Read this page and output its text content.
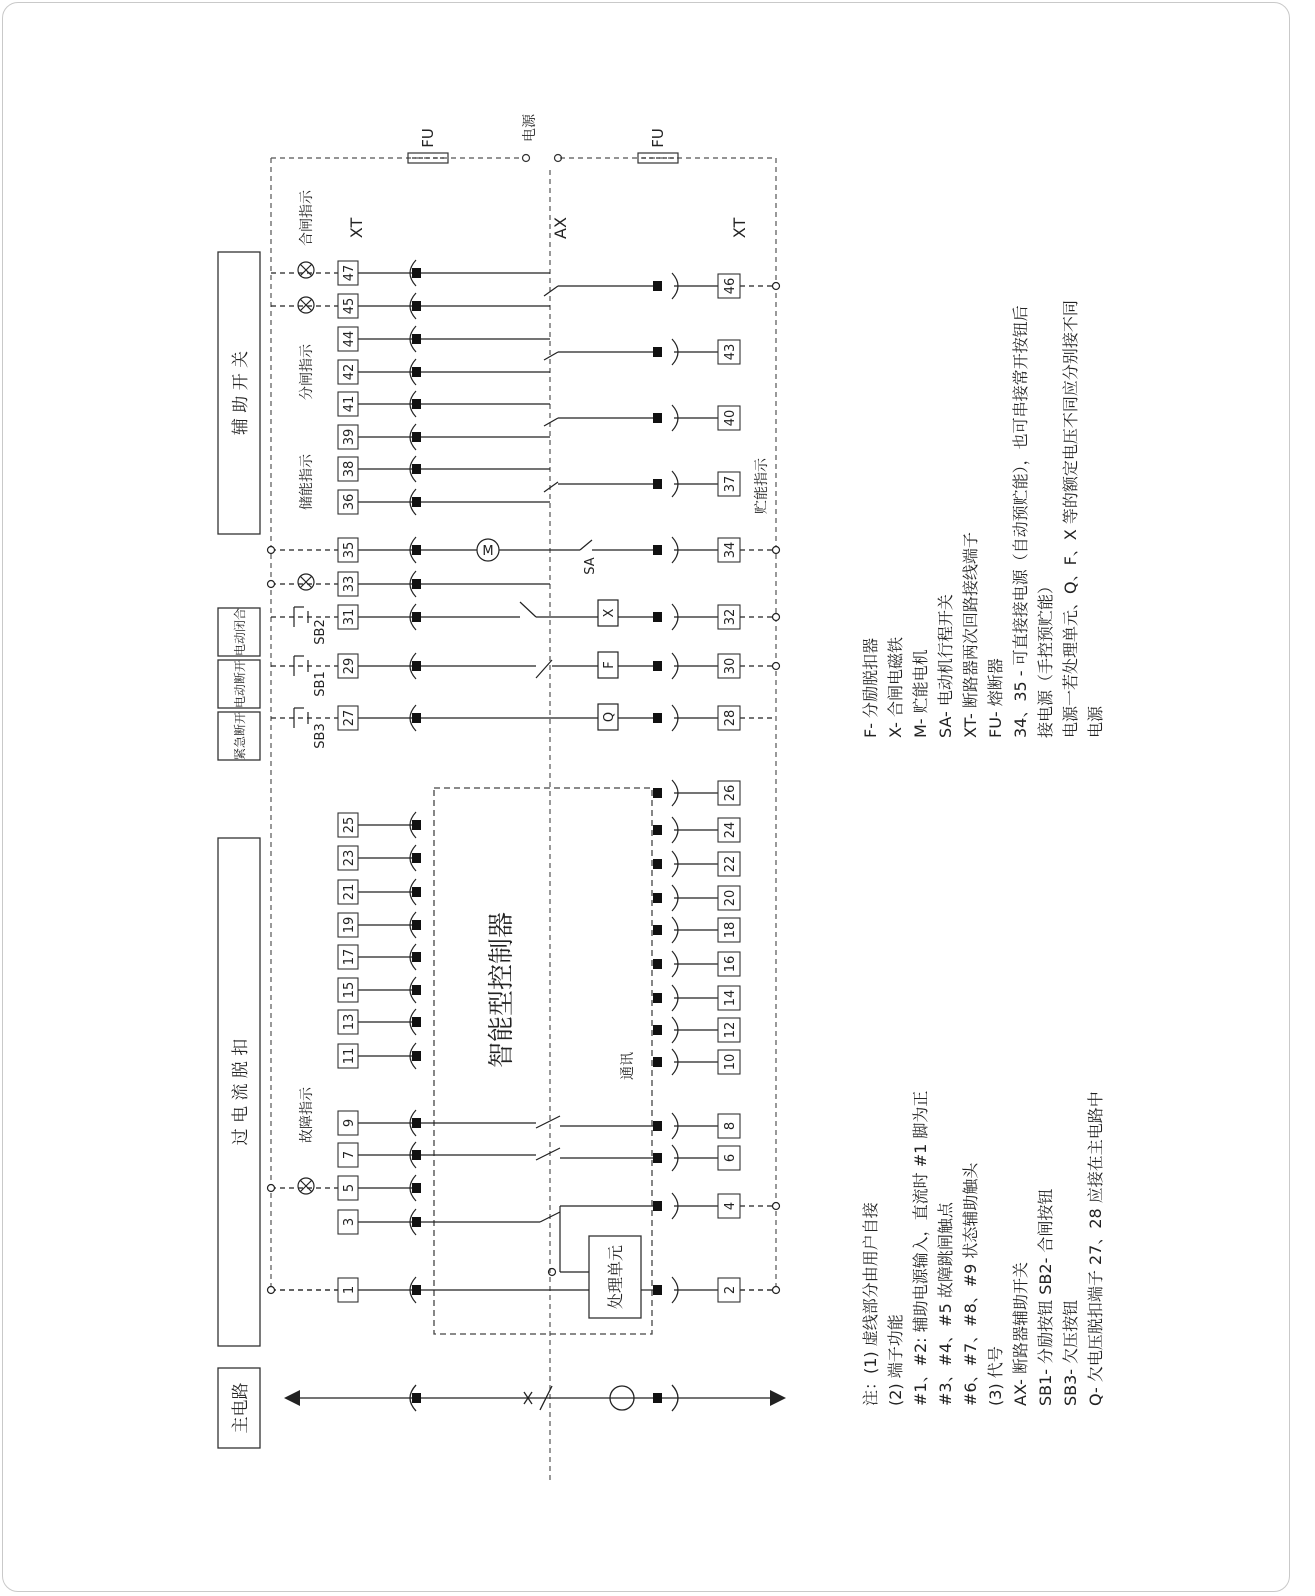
主电路
过 电 流 脱 扣
辅 助 开 关
紧急断开
电动断开
电动闭合
FU	FU
电源
XT	AX	XT
智能型控制器	通讯
处理单元
M
Q
F
X
SA
SB3
SB1
SB2
故障指示
储能指示
分闸指示
合闸指示
贮能指示
1
3
5
7
9
11
13
15
17
19
21
23
25
27
29
31
33
35
36
38
39
41
42
44
45
47
2
4
6
8
10
12
14
16
18
20
22
24
26
28
30
32
34
37
40
43
46
注：(1) 虚线部分由用户自接 (2) 端子功能 #1、#2: 辅助电源输入，直流时 #1 脚为正 #3、#4、#5 故障跳闸触点 #6、#7、#8、#9 状态辅助触头 (3) 代号 AX- 断路器辅助开关 SB1- 分励按钮 SB2- 合闸按钮 SB3- 欠压按钮 Q- 欠电压脱扣端子 27、28 应接在主电路中
F- 分励脱扣器 X- 合闸电磁铁 M- 贮能电机 SA- 电动机行程开关 XT- 断路器两次回路接线端子 FU- 熔断器 34、35 - 可直接接电源（自动预贮能），也可串接常开按钮后 接电源（手控预贮能） 电源一若处理单元、Q、F、X 等的额定电压不同应分别接不同 电源
